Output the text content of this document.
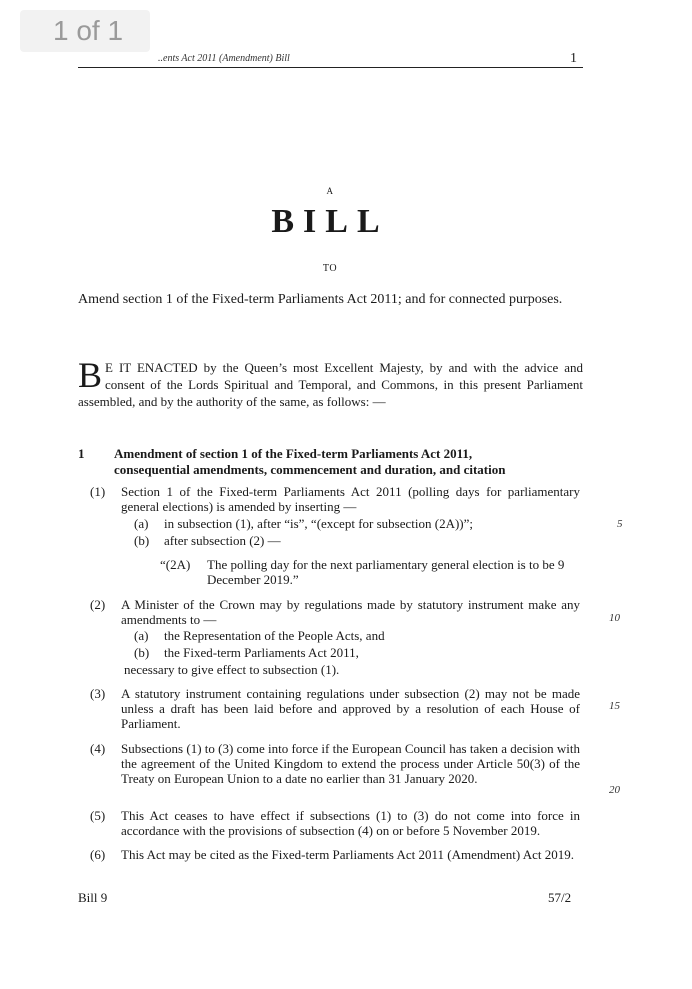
1 of 1
..ents Act 2011 (Amendment) Bill	1
A
BILL
TO
Amend section 1 of the Fixed-term Parliaments Act 2011; and for connected purposes.
B E IT ENACTED by the Queen’s most Excellent Majesty, by and with the advice and consent of the Lords Spiritual and Temporal, and Commons, in this present Parliament assembled, and by the authority of the same, as follows: —
1 Amendment of section 1 of the Fixed-term Parliaments Act 2011,
consequential amendments, commencement and duration, and citation
(1) Section 1 of the Fixed-term Parliaments Act 2011 (polling days for parliamentary general elections) is amended by inserting —
(a) in subsection (1), after “is”, “(except for subsection (2A))”;
(b) after subsection (2) —
“(2A) The polling day for the next parliamentary general election is to be 9 December 2019.”
(2) A Minister of the Crown may by regulations made by statutory instrument make any amendments to —
(a) the Representation of the People Acts, and
(b) the Fixed-term Parliaments Act 2011,
necessary to give effect to subsection (1).
(3) A statutory instrument containing regulations under subsection (2) may not be made unless a draft has been laid before and approved by a resolution of each House of Parliament.
(4) Subsections (1) to (3) come into force if the European Council has taken a decision with the agreement of the United Kingdom to extend the process under Article 50(3) of the Treaty on European Union to a date no earlier than 31 January 2020.
(5) This Act ceases to have effect if subsections (1) to (3) do not come into force in accordance with the provisions of subsection (4) on or before 5 November 2019.
(6) This Act may be cited as the Fixed-term Parliaments Act 2011 (Amendment) Act 2019.
5
10
15
20
Bill 9	57/2
